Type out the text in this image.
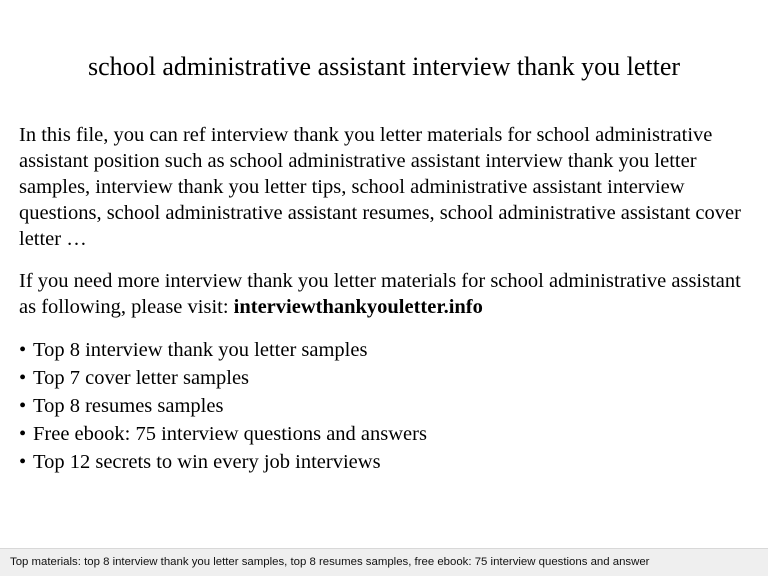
school administrative assistant interview thank you letter

In this file, you can ref interview thank you letter materials for school administrative assistant position such as school administrative assistant interview thank you letter samples, interview thank you letter tips, school administrative assistant interview questions, school administrative assistant resumes, school administrative assistant cover letter …

If you need more interview thank you letter materials for school administrative assistant as following, please visit: interviewthankyouletter.info

• Top 8 interview thank you letter samples
• Top 7 cover letter samples
• Top 8 resumes samples
• Free ebook: 75 interview questions and answers
• Top 12 secrets to win every job interviews
Top materials: top 8 interview thank you letter samples, top 8 resumes samples, free ebook: 75 interview questions and answer
